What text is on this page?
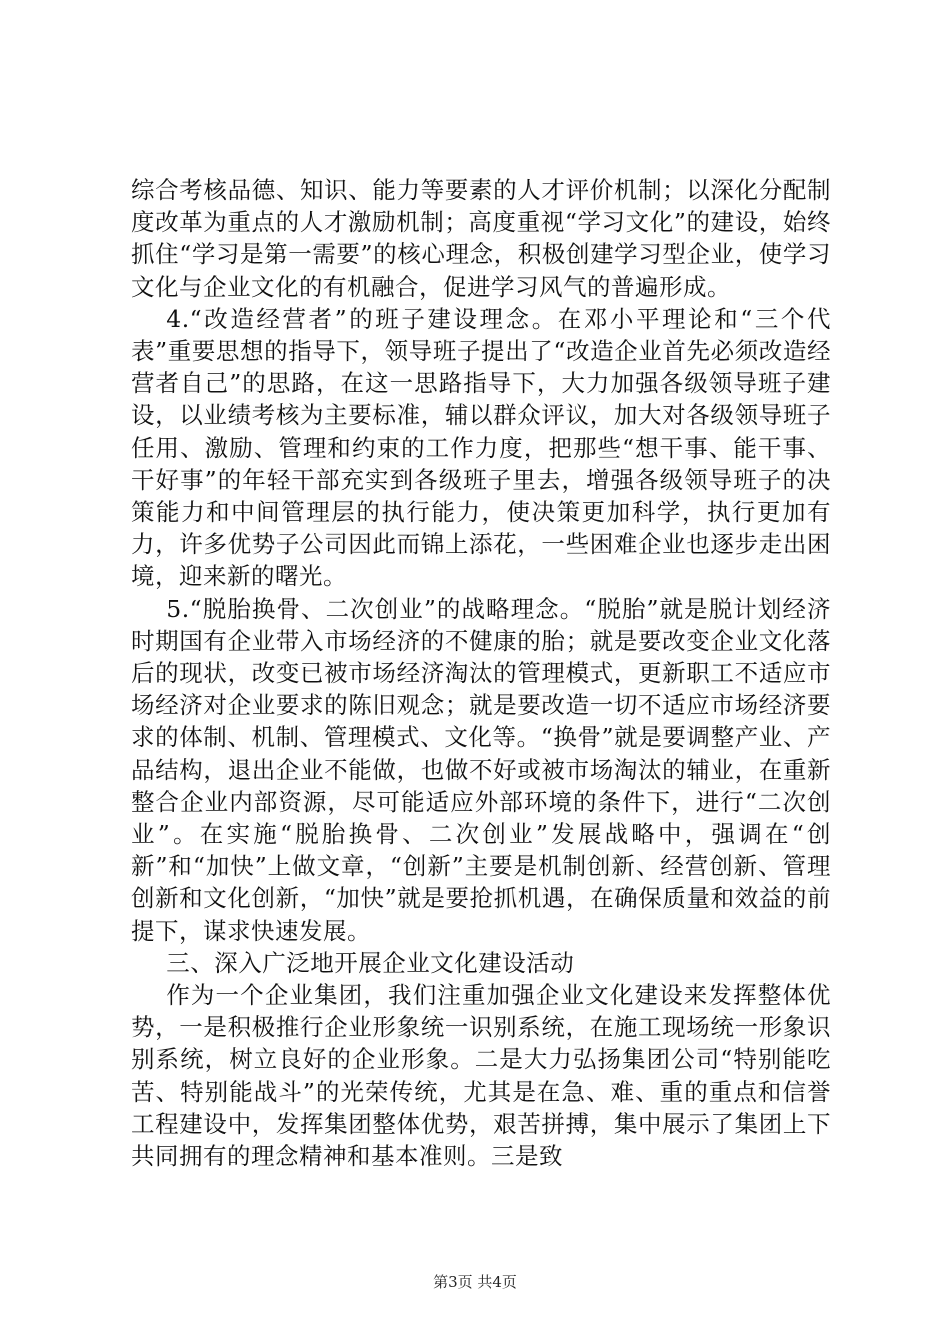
综合考核品德、知识、能力等要素的人才评价机制；以深化分配制度改革为重点的人才激励机制；高度重视“学习文化”的建设，始终抓住“学习是第一需要”的核心理念，积极创建学习型企业，使学习文化与企业文化的有机融合，促进学习风气的普遍形成。

4.“改造经营者”的班子建设理念。在邓小平理论和“三个代表”重要思想的指导下，领导班子提出了“改造企业首先必须改造经营者自己”的思路，在这一思路指导下，大力加强各级领导班子建设，以业绩考核为主要标准，辅以群众评议，加大对各级领导班子任用、激励、管理和约束的工作力度，把那些“想干事、能干事、干好事”的年轻干部充实到各级班子里去，增强各级领导班子的决策能力和中间管理层的执行能力，使决策更加科学，执行更加有力，许多优势子公司因此而锦上添花，一些困难企业也逐步走出困境，迎来新的曙光。

5.“脱胎换骨、二次创业”的战略理念。“脱胎”就是脱计划经济时期国有企业带入市场经济的不健康的胎；就是要改变企业文化落后的现状，改变已被市场经济淘汰的管理模式，更新职工不适应市场经济对企业要求的陈旧观念；就是要改造一切不适应市场经济要求的体制、机制、管理模式、文化等。“换骨”就是要调整产业、产品结构，退出企业不能做，也做不好或被市场淘汰的辅业，在重新整合企业内部资源，尽可能适应外部环境的条件下，进行“二次创业”。在实施“脱胎换骨、二次创业”发展战略中，强调在“创新”和“加快”上做文章，“创新”主要是机制创新、经营创新、管理创新和文化创新，“加快”就是要抢抓机遇，在确保质量和效益的前提下，谋求快速发展。

三、深入广泛地开展企业文化建设活动

作为一个企业集团，我们注重加强企业文化建设来发挥整体优势，一是积极推行企业形象统一识别系统，在施工现场统一形象识别系统，树立良好的企业形象。二是大力弘扬集团公司“特别能吃苦、特别能战斗”的光荣传统，尤其是在急、难、重的重点和信誉工程建设中，发挥集团整体优势，艰苦拼搏，集中展示了集团上下共同拥有的理念精神和基本准则。三是致

第3页 共4页
